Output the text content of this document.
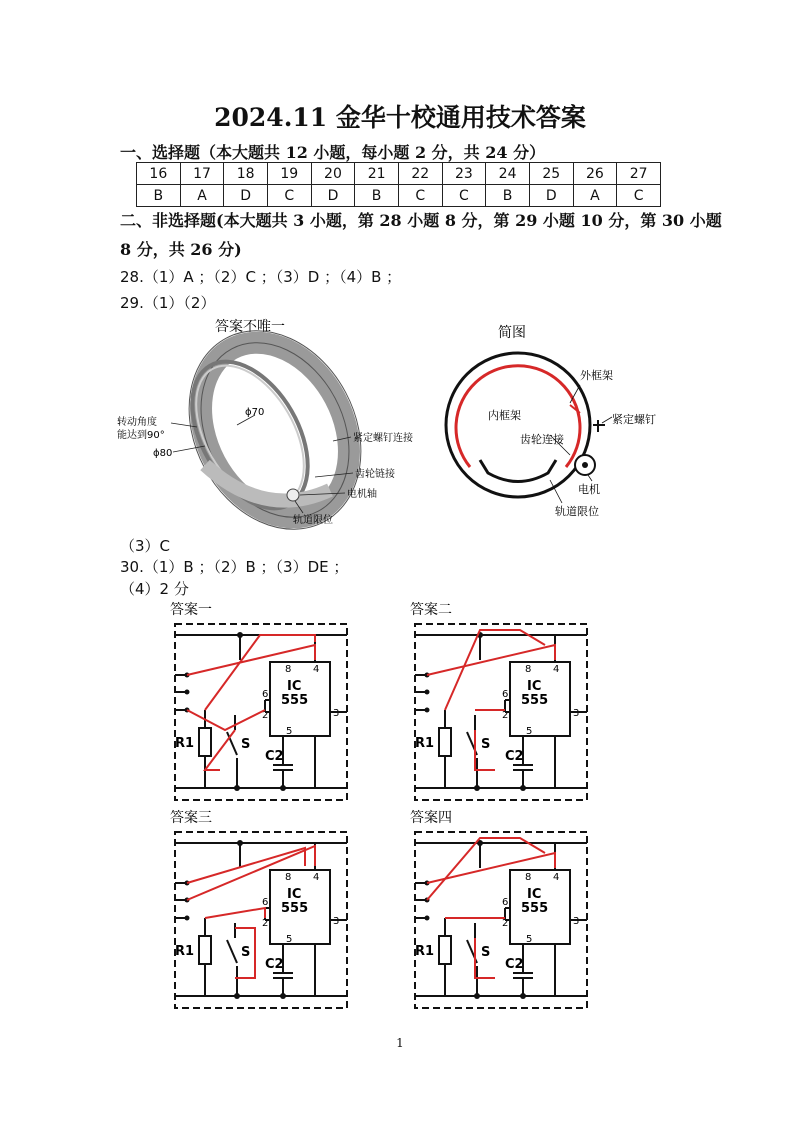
2024.11 金华十校通用技术答案
一、选择题（本大题共 12 小题，每小题 2 分，共 24 分）
16	17	18	19	20	21	22	23	24	25	26	27
B	A	D	C	D	B	C	C	B	D	A	C
二、非选择题(本大题共 3 小题，第 28 小题 8 分，第 29 小题 10 分，第 30 小题
8 分，共 26 分)
28.（1）A ；（2）C ；（3）D ；（4）B ；
29.（1）（2）
答案不唯一
转动角度
能达到90°
ϕ80
ϕ70
紧定螺钉连接
齿轮链接
电机轴
轨道限位
简图
外框架
内框架	紧定螺钉
齿轮连接
电机
轨道限位
（3）C
30.（1）B ；（2）B ；（3）DE ；
（4）2 分
答案一
IC
555
8 4
6
2
5
3
C2
R1	S
答案二
IC
555
8 4
6
2
5
3
C2
R1	S
答案三
IC
555
8 4
6
2
5
3
C2
R1	S
答案四
IC
555
8 4
6
2
5
3
C2
R1	S
1
